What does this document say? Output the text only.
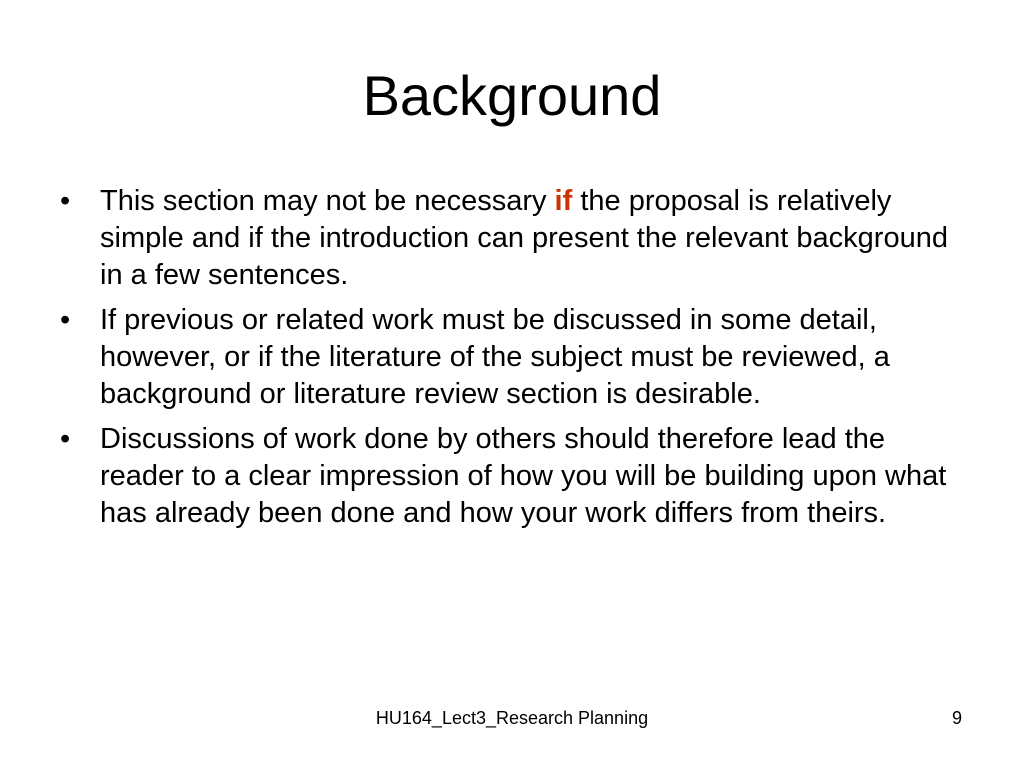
Background
•	This section may not be necessary if the proposal is relatively simple and if the introduction can present the relevant background in a few sentences.
•	If previous or related work must be discussed in some detail, however, or if the literature of the subject must be reviewed, a background or literature review section is desirable.
•	Discussions of work done by others should therefore lead the reader to a clear impression of how you will be building upon what has already been done and how your work differs from theirs.
HU164_Lect3_Research Planning	9
